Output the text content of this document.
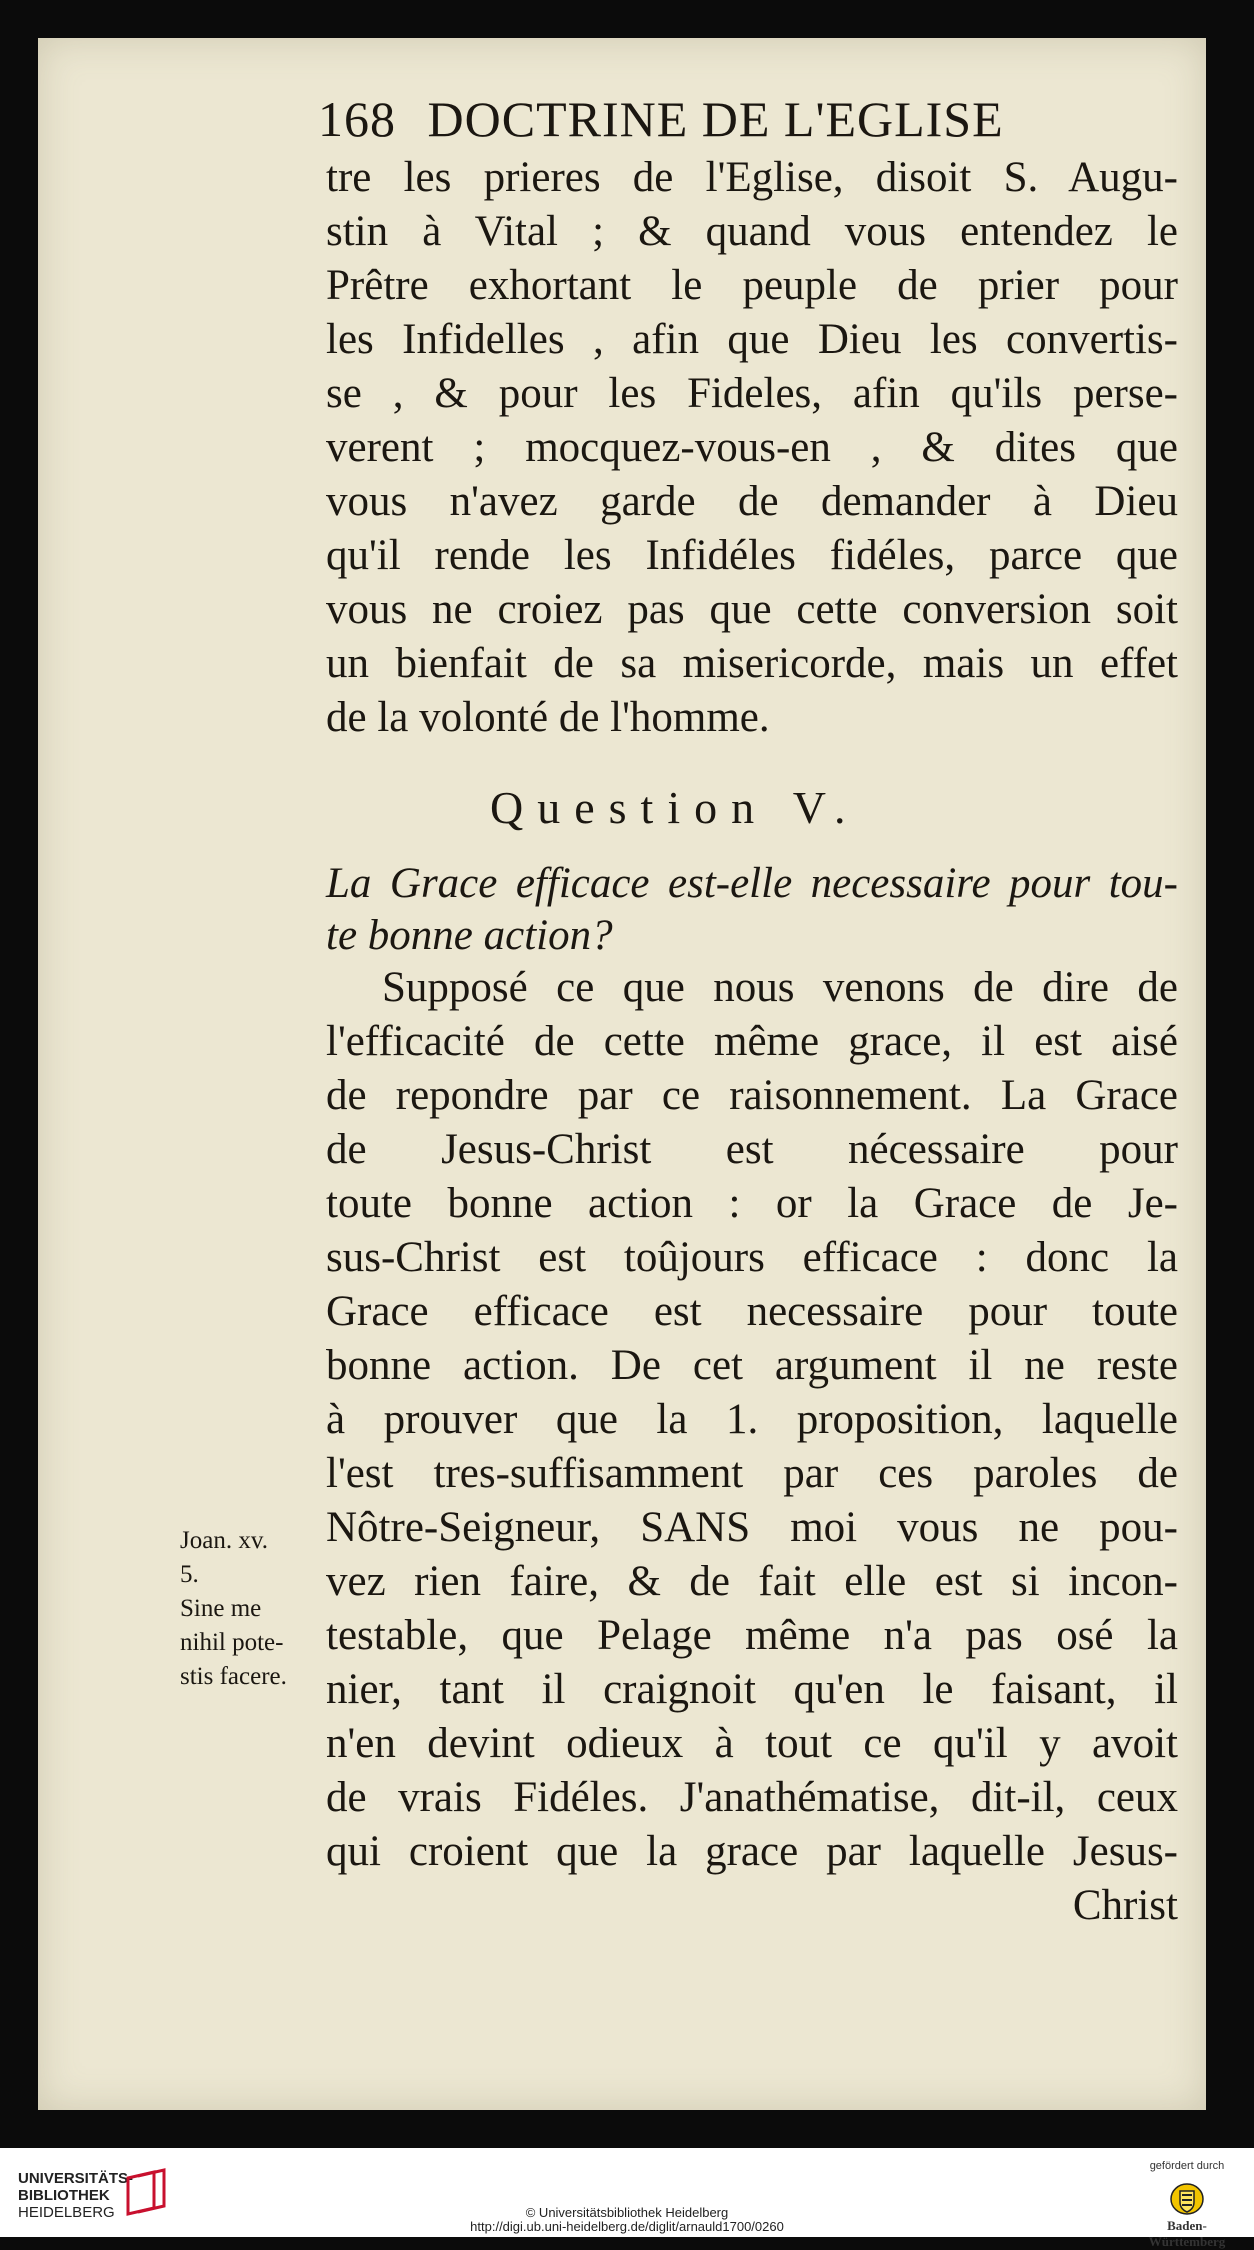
168 DOCTRINE DE L'EGLISE
tre les prieres de l'Eglise, disoit S. Augu-
stin à Vital ; & quand vous entendez le
Prêtre exhortant le peuple de prier pour
les Infidelles , afin que Dieu les convertis-
se , & pour les Fideles, afin qu'ils perse-
verent ; mocquez-vous-en , & dites que
vous n'avez garde de demander à Dieu
qu'il rende les Infidéles fidéles, parce que
vous ne croiez pas que cette conversion soit
un bienfait de sa misericorde, mais un effet
de la volonté de l'homme.
Question V.
La Grace efficace est-elle necessaire pour tou-
te bonne action?
Supposé ce que nous venons de dire de
l'efficacité de cette même grace, il est aisé
de repondre par ce raisonnement. La Grace
de Jesus-Christ est nécessaire pour
toute bonne action : or la Grace de Je-
sus-Christ est toûjours efficace : donc la
Grace efficace est necessaire pour toute
bonne action. De cet argument il ne reste
à prouver que la 1. proposition, laquelle
l'est tres-suffisamment par ces paroles de
Nôtre-Seigneur, SANS moi vous ne pou-
vez rien faire, & de fait elle est si incon-
testable, que Pelage même n'a pas osé la
nier, tant il craignoit qu'en le faisant, il
n'en devint odieux à tout ce qu'il y avoit
de vrais Fidéles. J'anathématise, dit-il, ceux
qui croient que la grace par laquelle Jesus-
Christ
Joan. xv.
5.
Sine me
nihil pote-
stis facere.
UNIVERSITÄTS-
BIBLIOTHEK
HEIDELBERG	© Universitätsbibliothek Heidelberg
http://digi.ub.uni-heidelberg.de/diglit/arnauld1700/0260
gefördert durch
Baden-Württemberg
